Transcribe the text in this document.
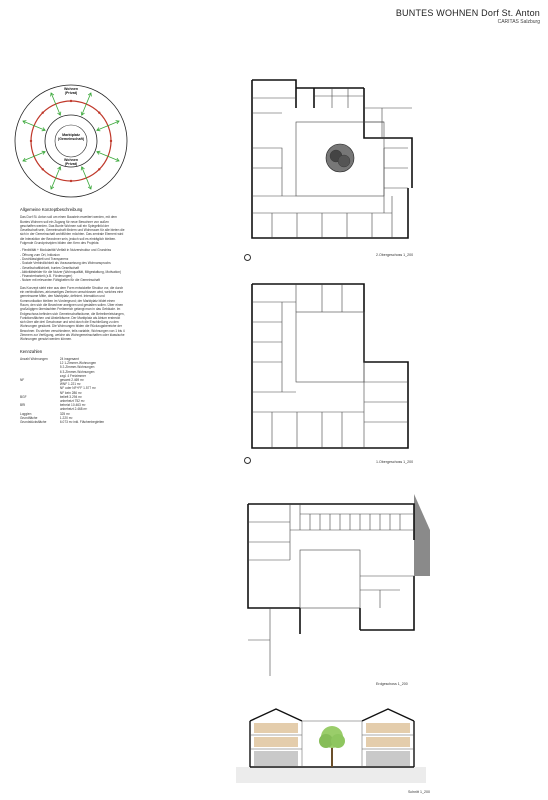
BUNTES WOHNEN Dorf St. Anton
CARITAS Salzburg
Wohnen
(Privat)
Marktplatz
(Gemeinschaft)
Wohnen
(Privat)
Allgemeine Konzeptbeschreibung

Das Dorf St. Anton soll um einen Baustein erweitert werden, mit dem Buntes Wohnen soll ein Zugang für neue Bewohner von außen geschaffen werden. Das Bunte Wohnen soll ein Spiegelbild der Gesellschaft sein, Gemeinschaft fördern und Wohnraum für alle bieten die sich in der Gemeinschaft wohlfühlen möchten. Das zentrale Element wird die Interaktion der Bewohner sein, jedoch soll es einträglich bleiben. Folgende Grundprinzipien bilden den Kern des Projekts:

- Flexibilität + Modularität Vielfalt in Nutzerstruktur und Grundriss
- Öffnung zum Ort, Inklusion
- Durchlässigkeit und Transparenz
- Soziale Verbindlichkeit als Voraussetzung des Wohnanspruchs
- Gesellschaftlichkeit, buntes Gesellschaft
- Aktivitätsfelder für die Nutzer (Wohnqualität, Mitgestaltung, Motivation)
- Finanzierbarkeit (z.B. Förderungen)
- Nutzer mit relevanten Fähigkeiten für die Gemeinschaft

Das Konzept steht eine aus dem Form entwickelte Struktur vor, die durch ein verbindliches, atriumartiges Zentrum umschlossen wird, welches eine gemeinsame Mitte, den Marktplatz, definiert. Interaktion und Kommunikation bleiben im Vordergrund; der Marktplatz bildet einen Raum, den sich die Bewohner aneignen und gestalten sollen. Über einen großzügigen überdachten Freibereich gelangt man in das Gebäude. Im Erdgeschoss befinden sich Gemeinschaftsräume, die Betreiberleistungen, Funktionsflächen und Abstellräume. Der Marktplatz als Atrium erstreckt sich über alle drei Geschosse und wird durch die Erschließung zu den Wohnungen gesäumt. Die Wohnungen bilden die Rückzugsbereiche der Bewohner. Es stehen verschiedene, teils variable, Wohnungen von 1 bis 4 Zimmern zur Verfügung, welche als Wohngemeinschaften oder klassische Wohnungen genutzt werden können.

Kennzahlen
Anzahl Wohnungen	24 insgesamt
12 1-Zimmer-Wohnungen
5 2-Zimmer-Wohnungen
6 3-Zimmer-Wohnungen
zzgl. 4 Freizimmer
NF	gesamt 2.469 m²
WNF 1.221 m²
NF oder NF+FF 1.577 m²
NF kein 286 m²
BGF	belieft 3.294 m²
unbeheizt 752 m²
BRI	beheizt 10.463 m³
unbeheizt 2.468 m³
Loggien	325 m²
Grundfläche	1.220 m²
Grundstücksfläche	6.073 m² inkl. Flächenbegleiten
2.Obergeschoss 1_200
1.Obergeschoss 1_200
Erdgeschoss 1_200
Schnitt 1_200
